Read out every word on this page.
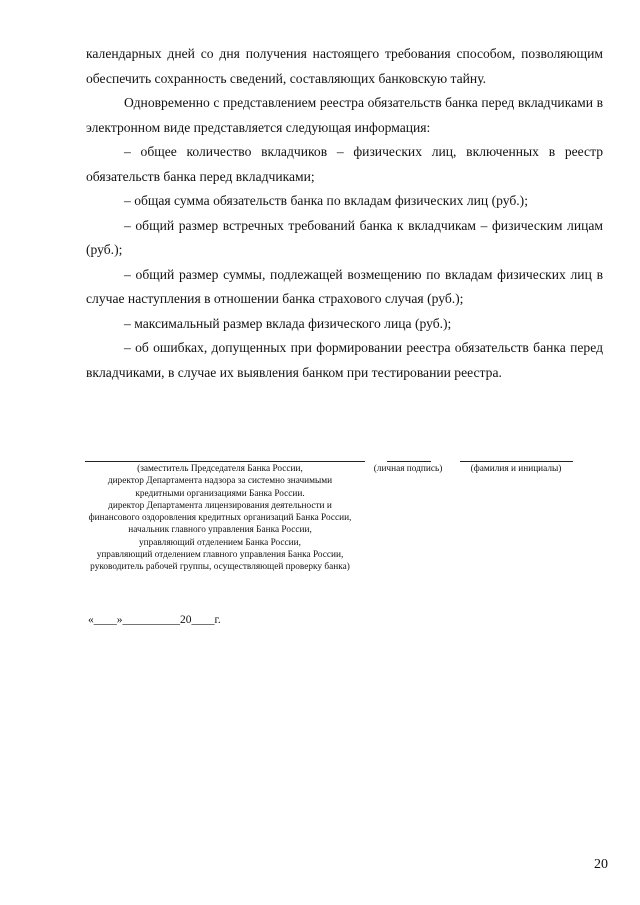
календарных дней со дня получения настоящего требования способом, позволяющим обеспечить сохранность сведений, составляющих банковскую тайну.

Одновременно с представлением реестра обязательств банка перед вкладчиками в электронном виде представляется следующая информация:

– общее количество вкладчиков – физических лиц, включенных в реестр обязательств банка перед вкладчиками;

– общая сумма обязательств банка по вкладам физических лиц (руб.);

– общий размер встречных требований банка к вкладчикам – физическим лицам (руб.);

– общий размер суммы, подлежащей возмещению по вкладам физических лиц в случае наступления в отношении банка страхового случая (руб.);

– максимальный размер вклада физического лица (руб.);

– об ошибках, допущенных при формировании реестра обязательств банка перед вкладчиками, в случае их выявления банком при тестировании реестра.

(заместитель Председателя Банка России,
директор Департамента надзора за системно значимыми
кредитными организациями Банка России.
директор Департамента лицензирования деятельности и
финансового оздоровления кредитных организаций Банка России,
начальник главного управления Банка России,
управляющий отделением Банка России,
управляющий отделением главного управления Банка России,
руководитель рабочей группы, осуществляющей проверку банка)
(личная подпись)	(фамилия и инициалы)
«____»__________20____г.
20
